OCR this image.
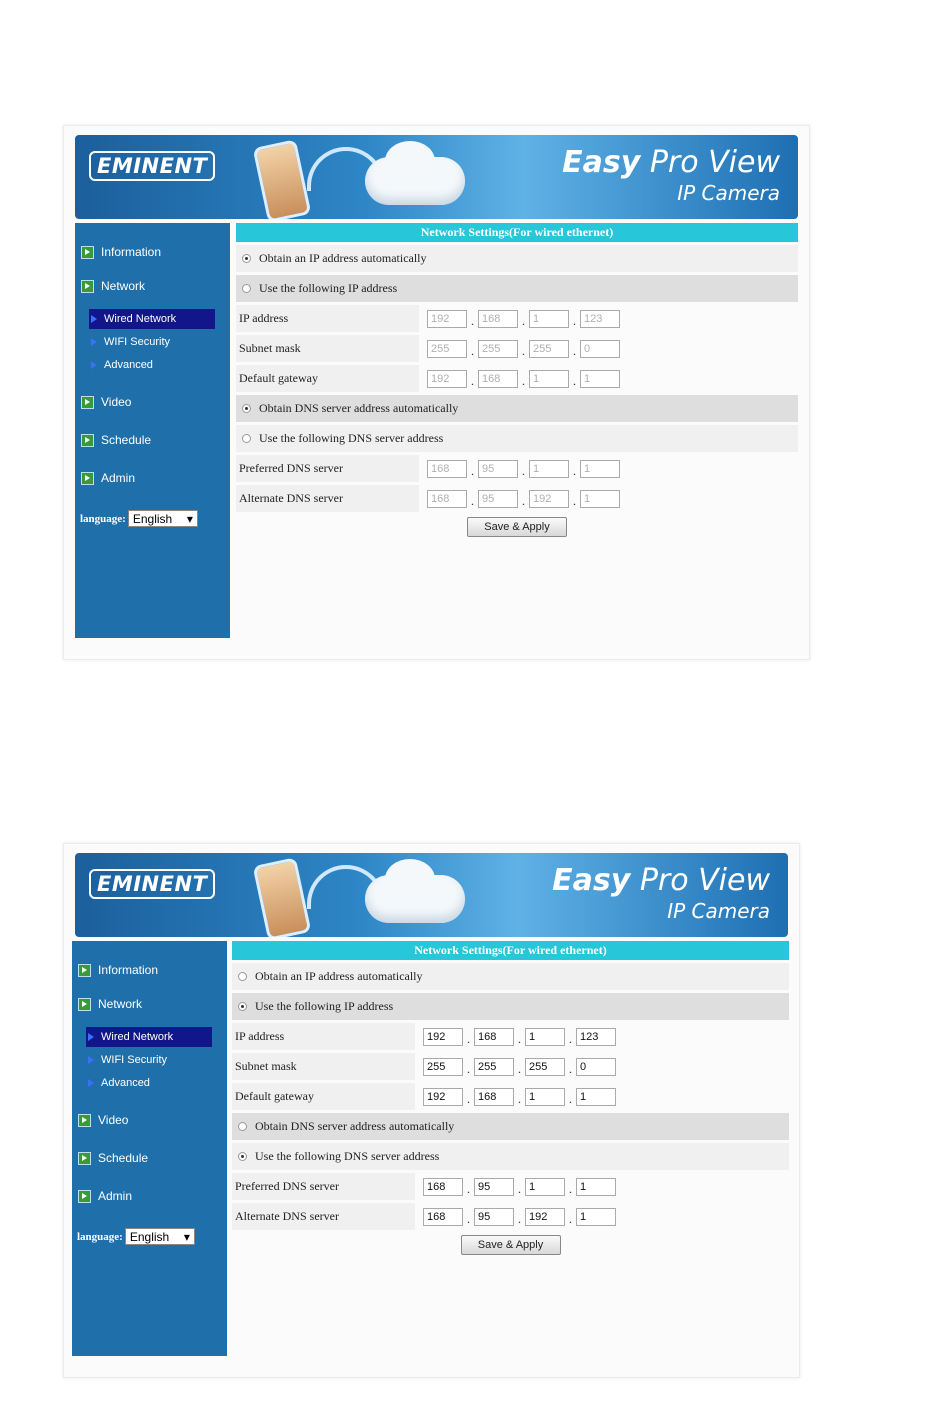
EMINENT	Easy Pro View
IP Camera
Information
Network
Wired Network
WIFI Security
Advanced
Video
Schedule
Admin
language: English ▾
Network Settings(For wired ethernet)
Obtain an IP address automatically
Use the following IP address
IP address	192	. 168	. 1	. 123
Subnet mask	255	. 255	. 255	. 0
Default gateway	192	. 168	. 1	. 1
Obtain DNS server address automatically
Use the following DNS server address
Preferred DNS server	168	. 95	. 1	. 1
Alternate DNS server	168	. 95	. 192	. 1
Save & Apply
EMINENT	Easy Pro View
IP Camera
Information
Network
Wired Network
WIFI Security
Advanced
Video
Schedule
Admin
language: English ▾
Network Settings(For wired ethernet)
Obtain an IP address automatically
Use the following IP address
IP address	192	. 168	. 1	. 123
Subnet mask	255	. 255	. 255	. 0
Default gateway	192	. 168	. 1	. 1
Obtain DNS server address automatically
Use the following DNS server address
Preferred DNS server	168	. 95	. 1	. 1
Alternate DNS server	168	. 95	. 192	. 1
Save & Apply
